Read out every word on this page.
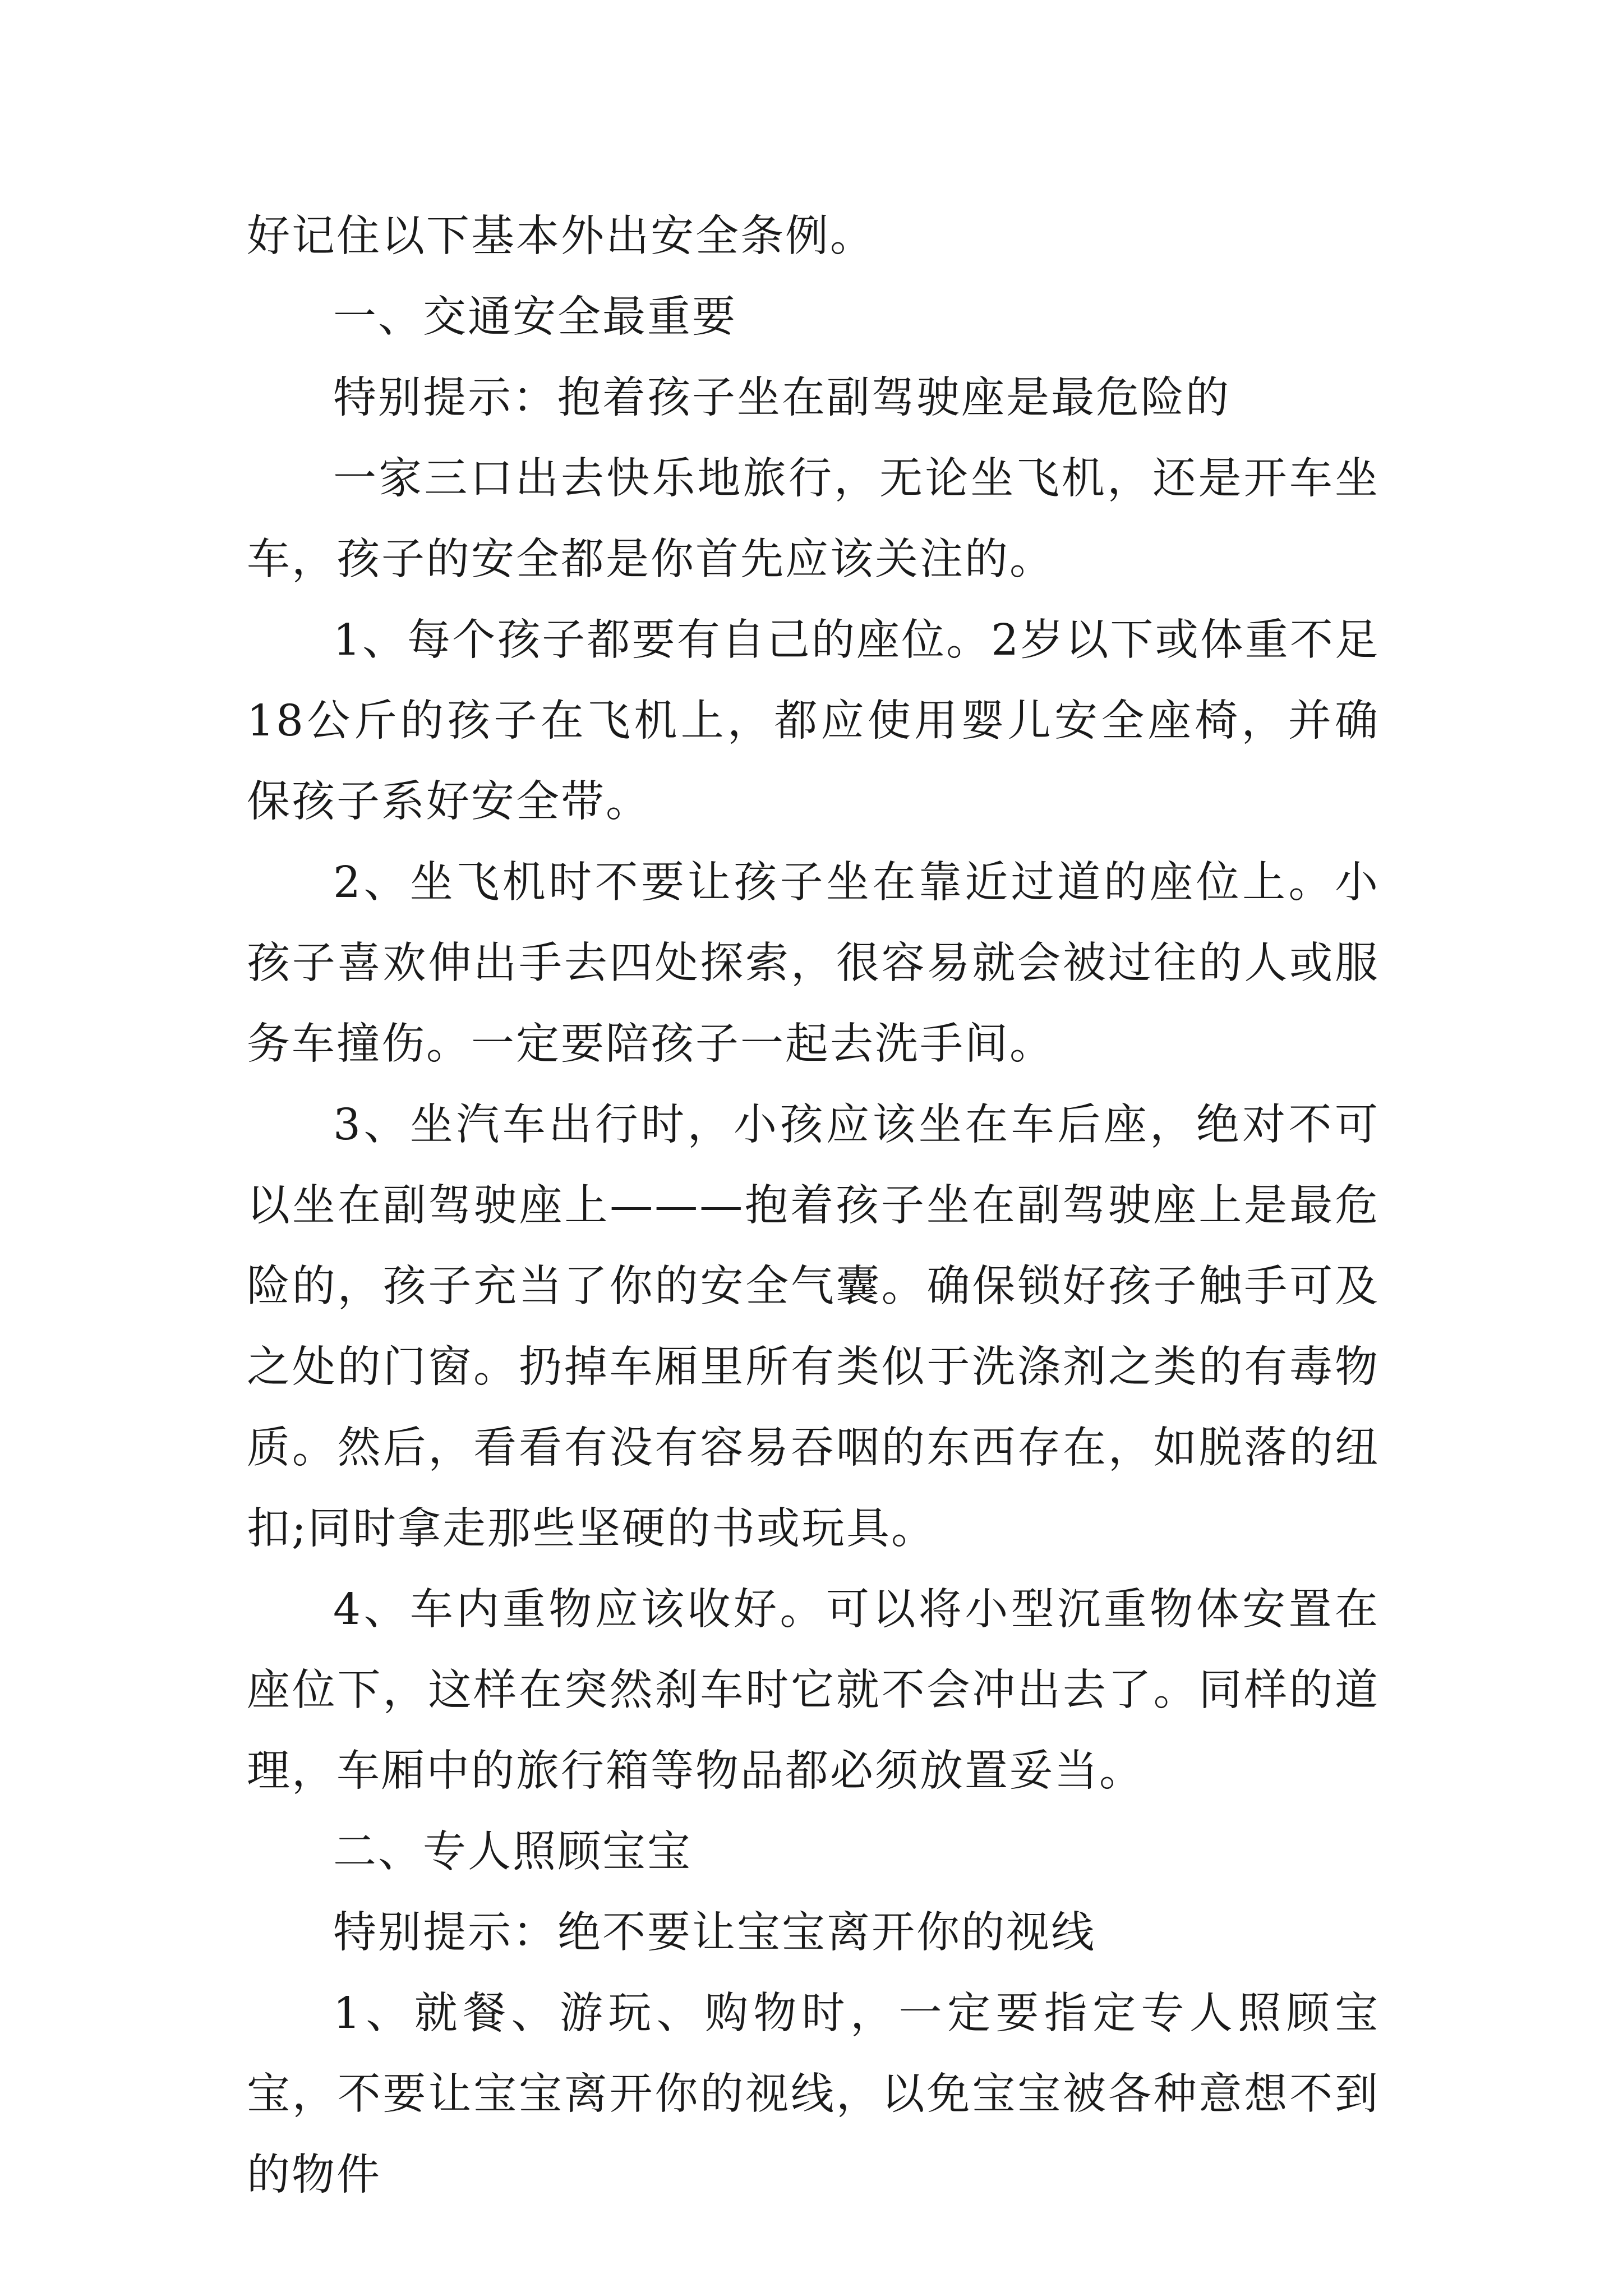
好记住以下基本外出安全条例。

一、交通安全最重要

特别提示：抱着孩子坐在副驾驶座是最危险的

一家三口出去快乐地旅行，无论坐飞机，还是开车坐车，孩子的安全都是你首先应该关注的。

1、每个孩子都要有自己的座位。2岁以下或体重不足18公斤的孩子在飞机上，都应使用婴儿安全座椅，并确保孩子系好安全带。

2、坐飞机时不要让孩子坐在靠近过道的座位上。小孩子喜欢伸出手去四处探索，很容易就会被过往的人或服务车撞伤。一定要陪孩子一起去洗手间。

3、坐汽车出行时，小孩应该坐在车后座，绝对不可以坐在副驾驶座上———抱着孩子坐在副驾驶座上是最危险的，孩子充当了你的安全气囊。确保锁好孩子触手可及之处的门窗。扔掉车厢里所有类似于洗涤剂之类的有毒物质。然后，看看有没有容易吞咽的东西存在，如脱落的纽扣;同时拿走那些坚硬的书或玩具。

4、车内重物应该收好。可以将小型沉重物体安置在座位下，这样在突然刹车时它就不会冲出去了。同样的道理，车厢中的旅行箱等物品都必须放置妥当。

二、专人照顾宝宝

特别提示：绝不要让宝宝离开你的视线

1、就餐、游玩、购物时，一定要指定专人照顾宝宝，不要让宝宝离开你的视线，以免宝宝被各种意想不到的物件
